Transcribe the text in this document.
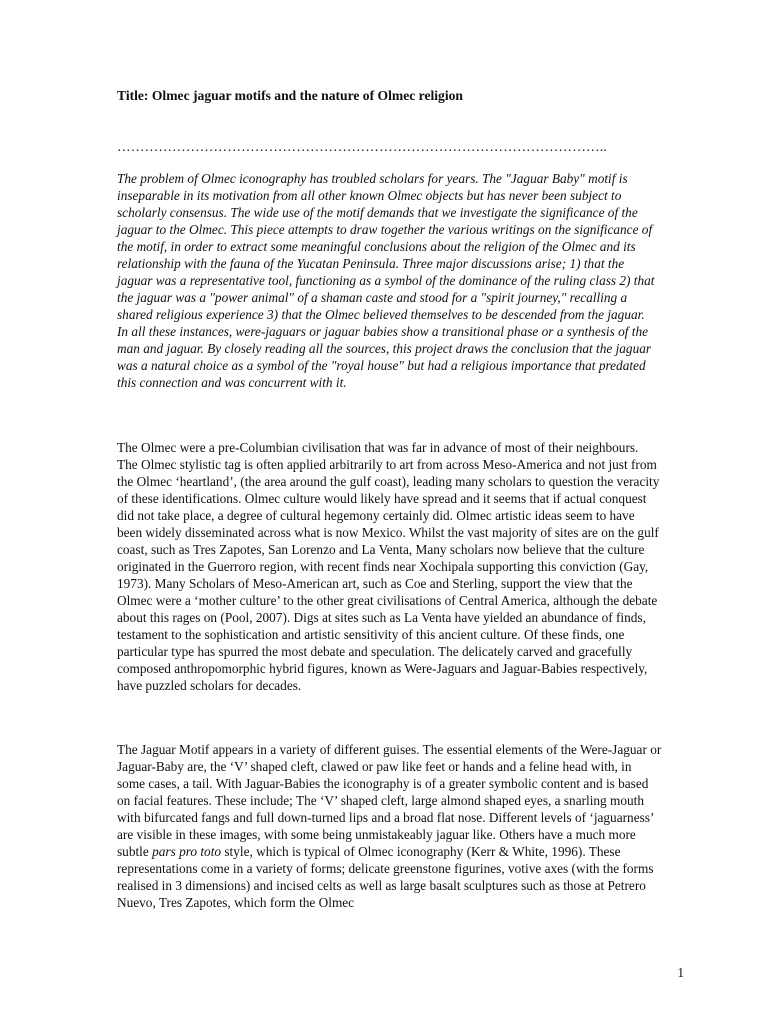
Title: Olmec jaguar motifs and the nature of Olmec religion
……………………………………………………………………………………………..
The problem of Olmec iconography has troubled scholars for years. The "Jaguar Baby" motif is inseparable in its motivation from all other known Olmec objects but has never been subject to scholarly consensus. The wide use of the motif demands that we investigate the significance of the jaguar to the Olmec. This piece attempts to draw together the various writings on the significance of the motif, in order to extract some meaningful conclusions about the religion of the Olmec and its relationship with the fauna of the Yucatan Peninsula. Three major discussions arise; 1) that the jaguar was a representative tool, functioning as a symbol of the dominance of the ruling class 2) that the jaguar was a "power animal" of a shaman caste and stood for a "spirit journey," recalling a shared religious experience 3) that the Olmec believed themselves to be descended from the jaguar. In all these instances, were-jaguars or jaguar babies show a transitional phase or a synthesis of the man and jaguar. By closely reading all the sources, this project draws the conclusion that the jaguar was a natural choice as a symbol of the "royal house" but had a religious importance that predated this connection and was concurrent with it.
The Olmec were a pre-Columbian civilisation that was far in advance of most of their neighbours. The Olmec stylistic tag is often applied arbitrarily to art from across Meso-America and not just from the Olmec ‘heartland’, (the area around the gulf coast), leading many scholars to question the veracity of these identifications. Olmec culture would likely have spread and it seems that if actual conquest did not take place, a degree of cultural hegemony certainly did. Olmec artistic ideas seem to have been widely disseminated across what is now Mexico. Whilst the vast majority of sites are on the gulf coast, such as Tres Zapotes, San Lorenzo and La Venta, Many scholars now believe that the culture originated in the Guerroro region, with recent finds near Xochipala supporting this conviction (Gay, 1973). Many Scholars of Meso-American art, such as Coe and Sterling, support the view that the Olmec were a ‘mother culture’ to the other great civilisations of Central America, although the debate about this rages on (Pool, 2007). Digs at sites such as La Venta have yielded an abundance of finds, testament to the sophistication and artistic sensitivity of this ancient culture. Of these finds, one particular type has spurred the most debate and speculation. The delicately carved and gracefully composed anthropomorphic hybrid figures, known as Were-Jaguars and Jaguar-Babies respectively, have puzzled scholars for decades.
The Jaguar Motif appears in a variety of different guises. The essential elements of the Were-Jaguar or Jaguar-Baby are, the ‘V’ shaped cleft, clawed or paw like feet or hands and a feline head with, in some cases, a tail. With Jaguar-Babies the iconography is of a greater symbolic content and is based on facial features. These include; The ‘V’ shaped cleft, large almond shaped eyes, a snarling mouth with bifurcated fangs and full down-turned lips and a broad flat nose. Different levels of ‘jaguarness’ are visible in these images, with some being unmistakeably jaguar like. Others have a much more subtle pars pro toto style, which is typical of Olmec iconography (Kerr & White, 1996). These representations come in a variety of forms; delicate greenstone figurines, votive axes (with the forms realised in 3 dimensions) and incised celts as well as large basalt sculptures such as those at Petrero Nuevo, Tres Zapotes, which form the Olmec
1
